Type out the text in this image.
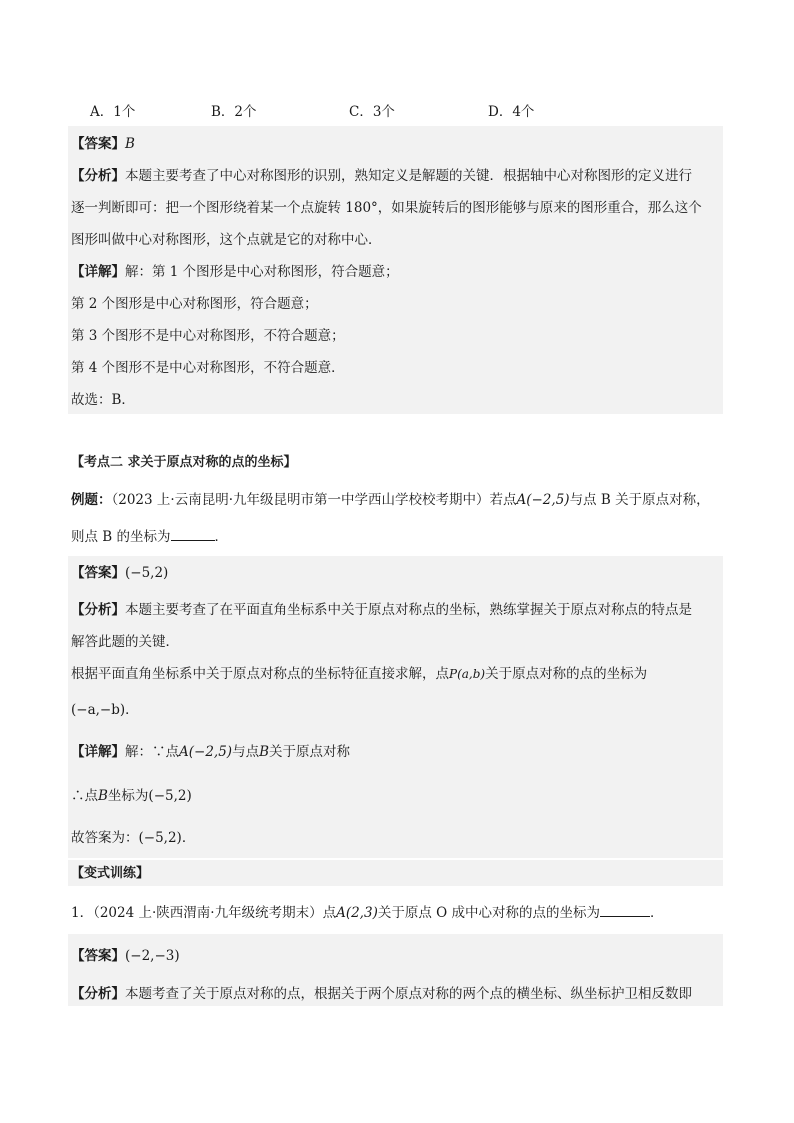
A．1个	B．2个	C．3个	D．4个
【答案】B
【分析】本题主要考查了中心对称图形的识别，熟知定义是解题的关键．根据轴中心对称图形的定义进行
逐一判断即可：把一个图形绕着某一个点旋转 180°，如果旋转后的图形能够与原来的图形重合，那么这个
图形叫做中心对称图形，这个点就是它的对称中心．
【详解】解：第 1 个图形是中心对称图形，符合题意；
第 2 个图形是中心对称图形，符合题意；
第 3 个图形不是中心对称图形，不符合题意；
第 4 个图形不是中心对称图形，不符合题意．
故选：B．
【考点二 求关于原点对称的点的坐标】
例题：（2023 上·云南昆明·九年级昆明市第一中学西山学校校考期中）若点A(−2,5)与点 B 关于原点对称，
则点 B 的坐标为	．
【答案】(−5,2)
【分析】本题主要考查了在平面直角坐标系中关于原点对称点的坐标，熟练掌握关于原点对称点的特点是
解答此题的关键．
根据平面直角坐标系中关于原点对称点的坐标特征直接求解，点P(a,b)关于原点对称的点的坐标为
(−a,−b)．
【详解】解：∵点A(−2,5)与点B关于原点对称
∴点B坐标为(−5,2)
故答案为：(−5,2)．
【变式训练】
1．（2024 上·陕西渭南·九年级统考期末）点A(2,3)关于原点 O 成中心对称的点的坐标为	．
【答案】(−2,−3)
【分析】本题考查了关于原点对称的点，根据关于两个原点对称的两个点的横坐标、纵坐标护卫相反数即
